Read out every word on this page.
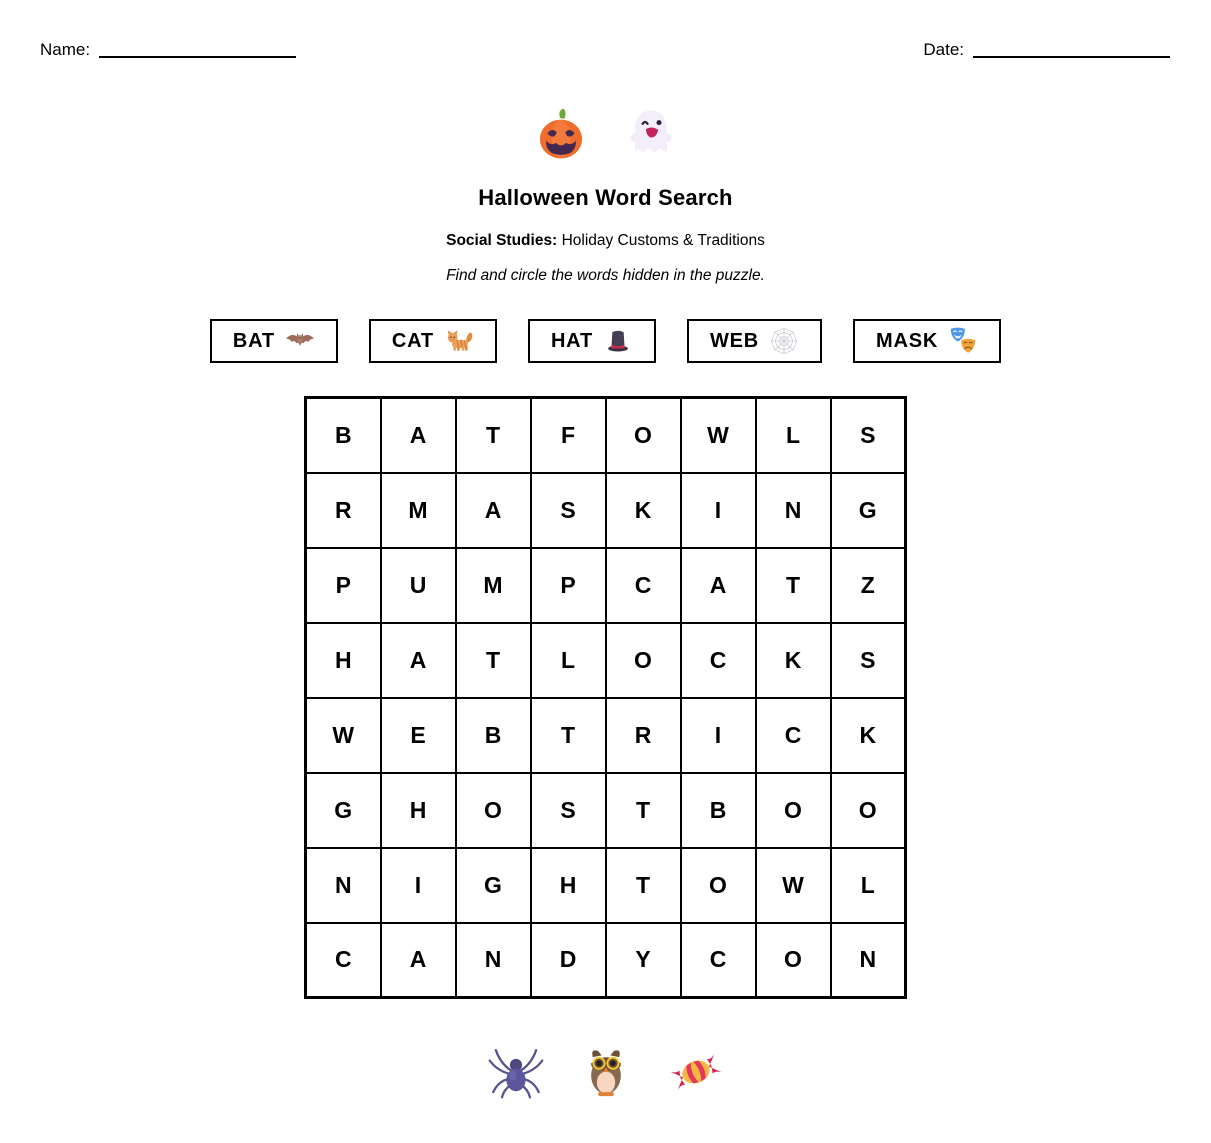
Name:	Date:
Halloween Word Search

Social Studies: Holiday Customs & Traditions

Find and circle the words hidden in the puzzle.

BAT	CAT	HAT	WEB	MASK
B	A	T	F	O	W	L	S
R	M	A	S	K	I	N	G
P	U	M	P	C	A	T	Z
H	A	T	L	O	C	K	S
W	E	B	T	R	I	C	K
G	H	O	S	T	B	O	O
N	I	G	H	T	O	W	L
C	A	N	D	Y	C	O	N
